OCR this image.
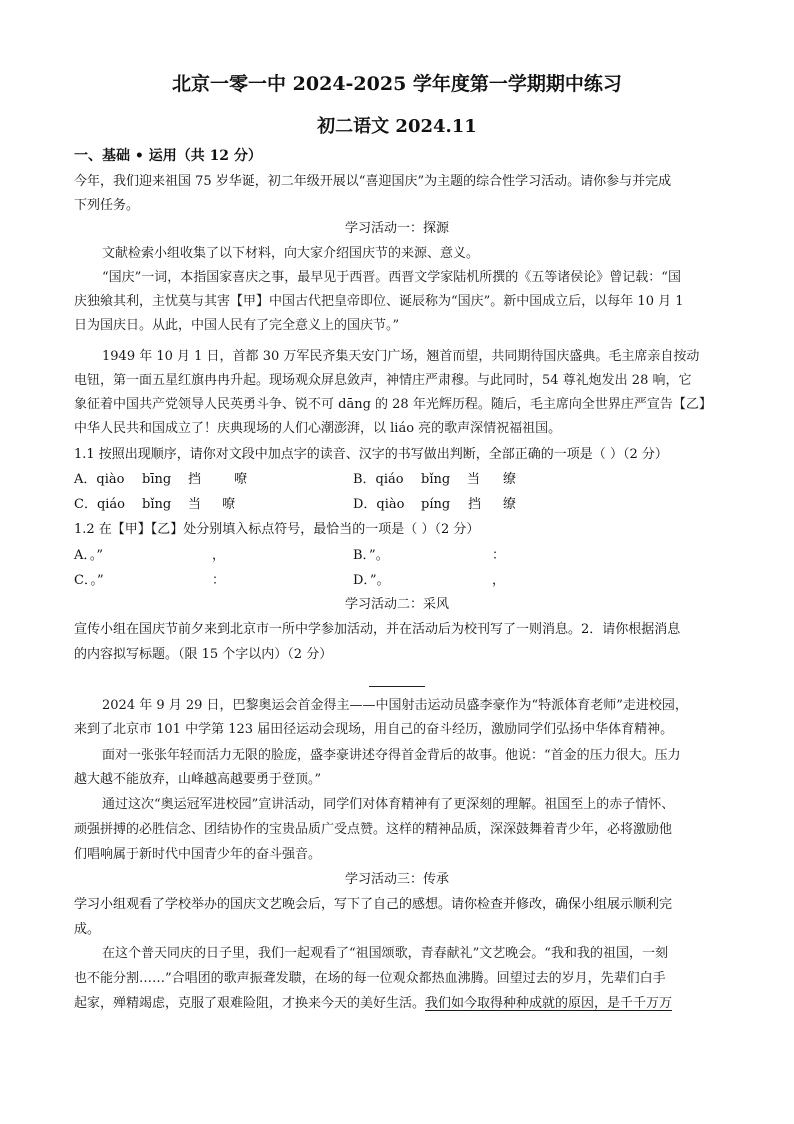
北京一零一中 2024-2025 学年度第一学期期中练习
初二语文 2024.11
一、基础 • 运用（共 12 分）
今年，我们迎来祖国 75 岁华诞，初二年级开展以“喜迎国庆”为主题的综合性学习活动。请你参与并完成
下列任务。
学习活动一：探源
文献检索小组收集了以下材料，向大家介绍国庆节的来源、意义。
“国庆”一词，本指国家喜庆之事，最早见于西晋。西晋文学家陆机所撰的《五等诸侯论》曾记载：“国
庆独飨其利，主忧莫与其害【甲】中国古代把皇帝即位、诞辰称为“国庆”。新中国成立后，以每年 10 月 1
日为国庆日。从此，中国人民有了完全意义上的国庆节。”
1949 年 10 月 1 日，首都 30 万军民齐集天安门广场，翘首而望，共同期待国庆盛典。毛主席亲自按动
电钮，第一面五星红旗冉冉升起。现场观众屏息敛声，神情庄严肃穆。与此同时，54 尊礼炮发出 28 响，它
象征着中国共产党领导人民英勇斗争、锐不可 dāng 的 28 年光辉历程。随后，毛主席向全世界庄严宣告【乙】
中华人民共和国成立了！庆典现场的人们心潮澎湃，以 liáo 亮的歌声深情祝福祖国。
1.1 按照出现顺序，请你对文段中加点字的读音、汉字的书写做出判断，全部正确的一项是（ ）（2 分）
A．qiào bīng 挡	嘹	B．qiáo bǐng 当 缭
C．qiáo bǐng 当 嘹	D．qiào píng 挡 缭
1.2 在【甲】【乙】处分别填入标点符号，最恰当的一项是（ ）（2 分）
A．。”	，	B．”。	：
C．。”	：	D．”。	，
学习活动二：采风
宣传小组在国庆节前夕来到北京市一所中学参加活动，并在活动后为校刊写了一则消息。2．请你根据消息
的内容拟写标题。（限 15 个字以内）（2 分）
2024 年 9 月 29 日，巴黎奥运会首金得主——中国射击运动员盛李豪作为“特派体育老师”走进校园，
来到了北京市 101 中学第 123 届田径运动会现场，用自己的奋斗经历，激励同学们弘扬中华体育精神。
面对一张张年轻而活力无限的脸庞，盛李豪讲述夺得首金背后的故事。他说：“首金的压力很大。压力
越大越不能放弃，山峰越高越要勇于登顶。”
通过这次“奥运冠军进校园”宣讲活动，同学们对体育精神有了更深刻的理解。祖国至上的赤子情怀、
顽强拼搏的必胜信念、团结协作的宝贵品质广受点赞。这样的精神品质，深深鼓舞着青少年，必将激励他
们唱响属于新时代中国青少年的奋斗强音。
学习活动三：传承
学习小组观看了学校举办的国庆文艺晚会后，写下了自己的感想。请你检查并修改，确保小组展示顺利完
成。
在这个普天同庆的日子里，我们一起观看了“祖国颂歌，青春献礼”文艺晚会。“我和我的祖国，一刻
也不能分割……”合唱团的歌声振聋发聩，在场的每一位观众都热血沸腾。回望过去的岁月，先辈们白手
起家，殚精竭虑，克服了艰难险阻，才换来今天的美好生活。我们如今取得种种成就的原因，是千千万万
